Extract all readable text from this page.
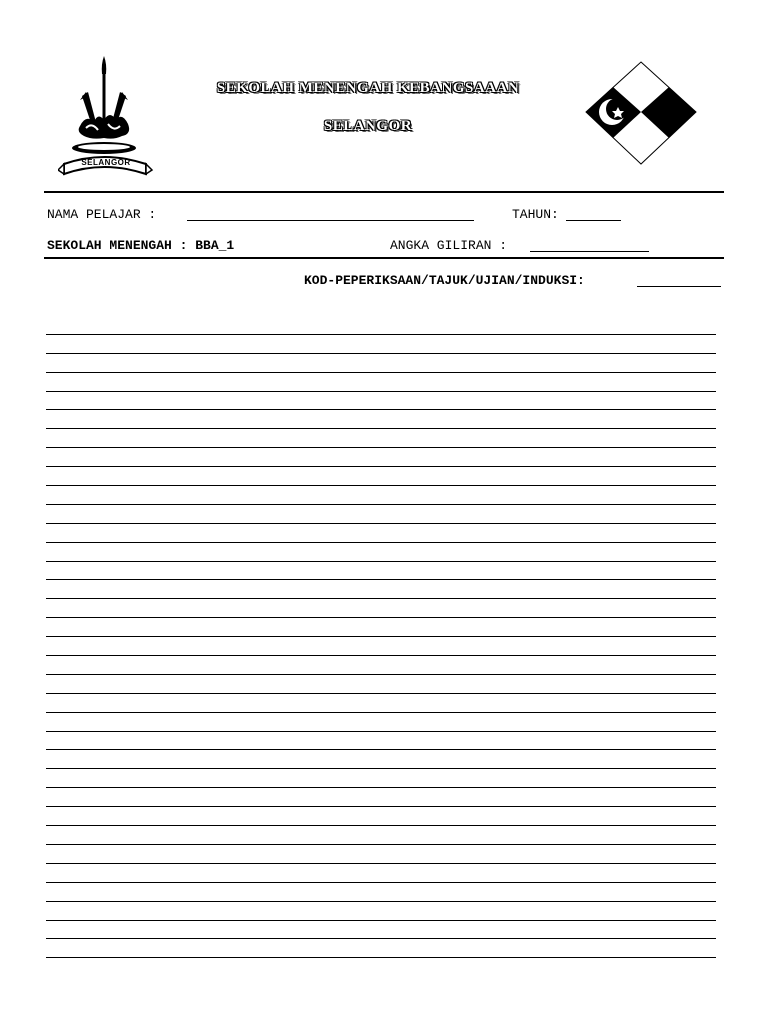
SELANGOR
SEKOLAH MENENGAH KEBANGSAAAN
SELANGOR
NAMA PELAJAR :	TAHUN:
SEKOLAH MENENGAH : BBA_1	ANGKA GILIRAN :
KOD-PEPERIKSAAN/TAJUK/UJIAN/INDUKSI:
